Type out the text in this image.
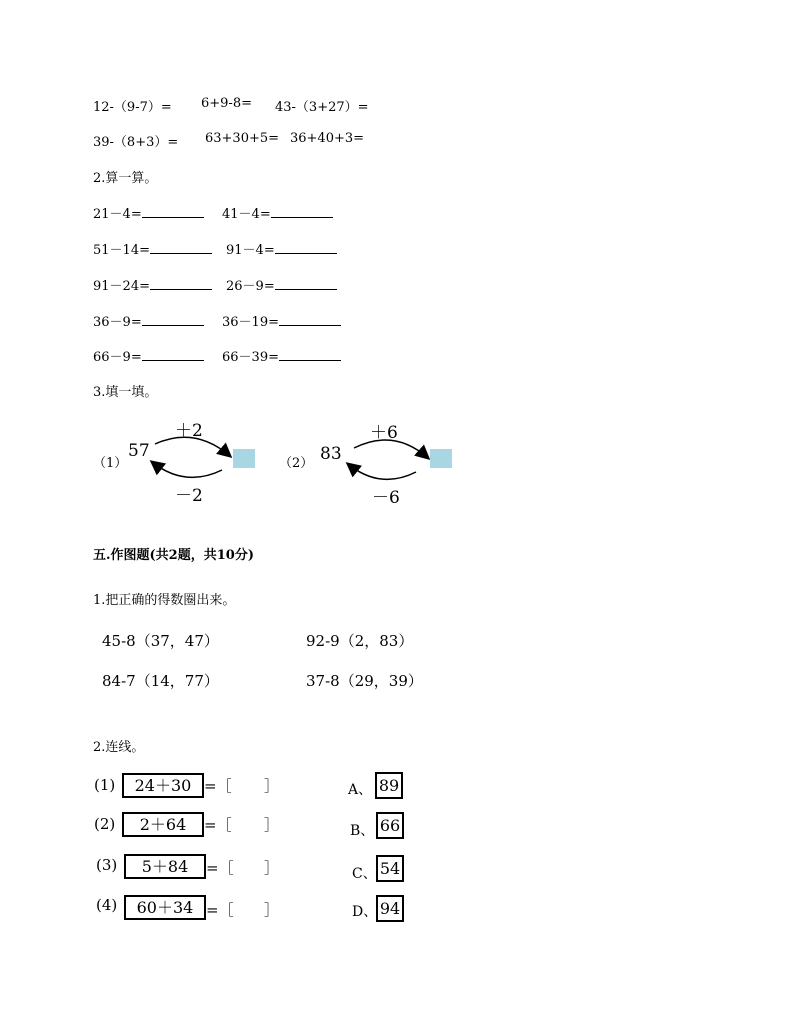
12-（9-7）= 6+9-8= 43-（3+27）=
39-（8+3）= 63+30+5= 36+40+3=
2.算一算。
21－4=	41－4=
51－14=	91－4=
91－24=	26－9=
36－9=	36－19=
66－9=	66－39=
3.填一填。
（1）
57
＋2
－2
（2） 83
＋6
－6
五.作图题(共2题，共10分)
1.把正确的得数圈出来。
45-8（37，47）	92-9（2，83）
84-7（14，77）	37-8（29，39）
2.连线。
(1)	24＋30 =［ ］
(2)	2＋64	=［ ］
(3)	5＋84	=［ ］
(4)	60＋34 =［ ］
A、 89
B、 66
C、 54
D、 94
